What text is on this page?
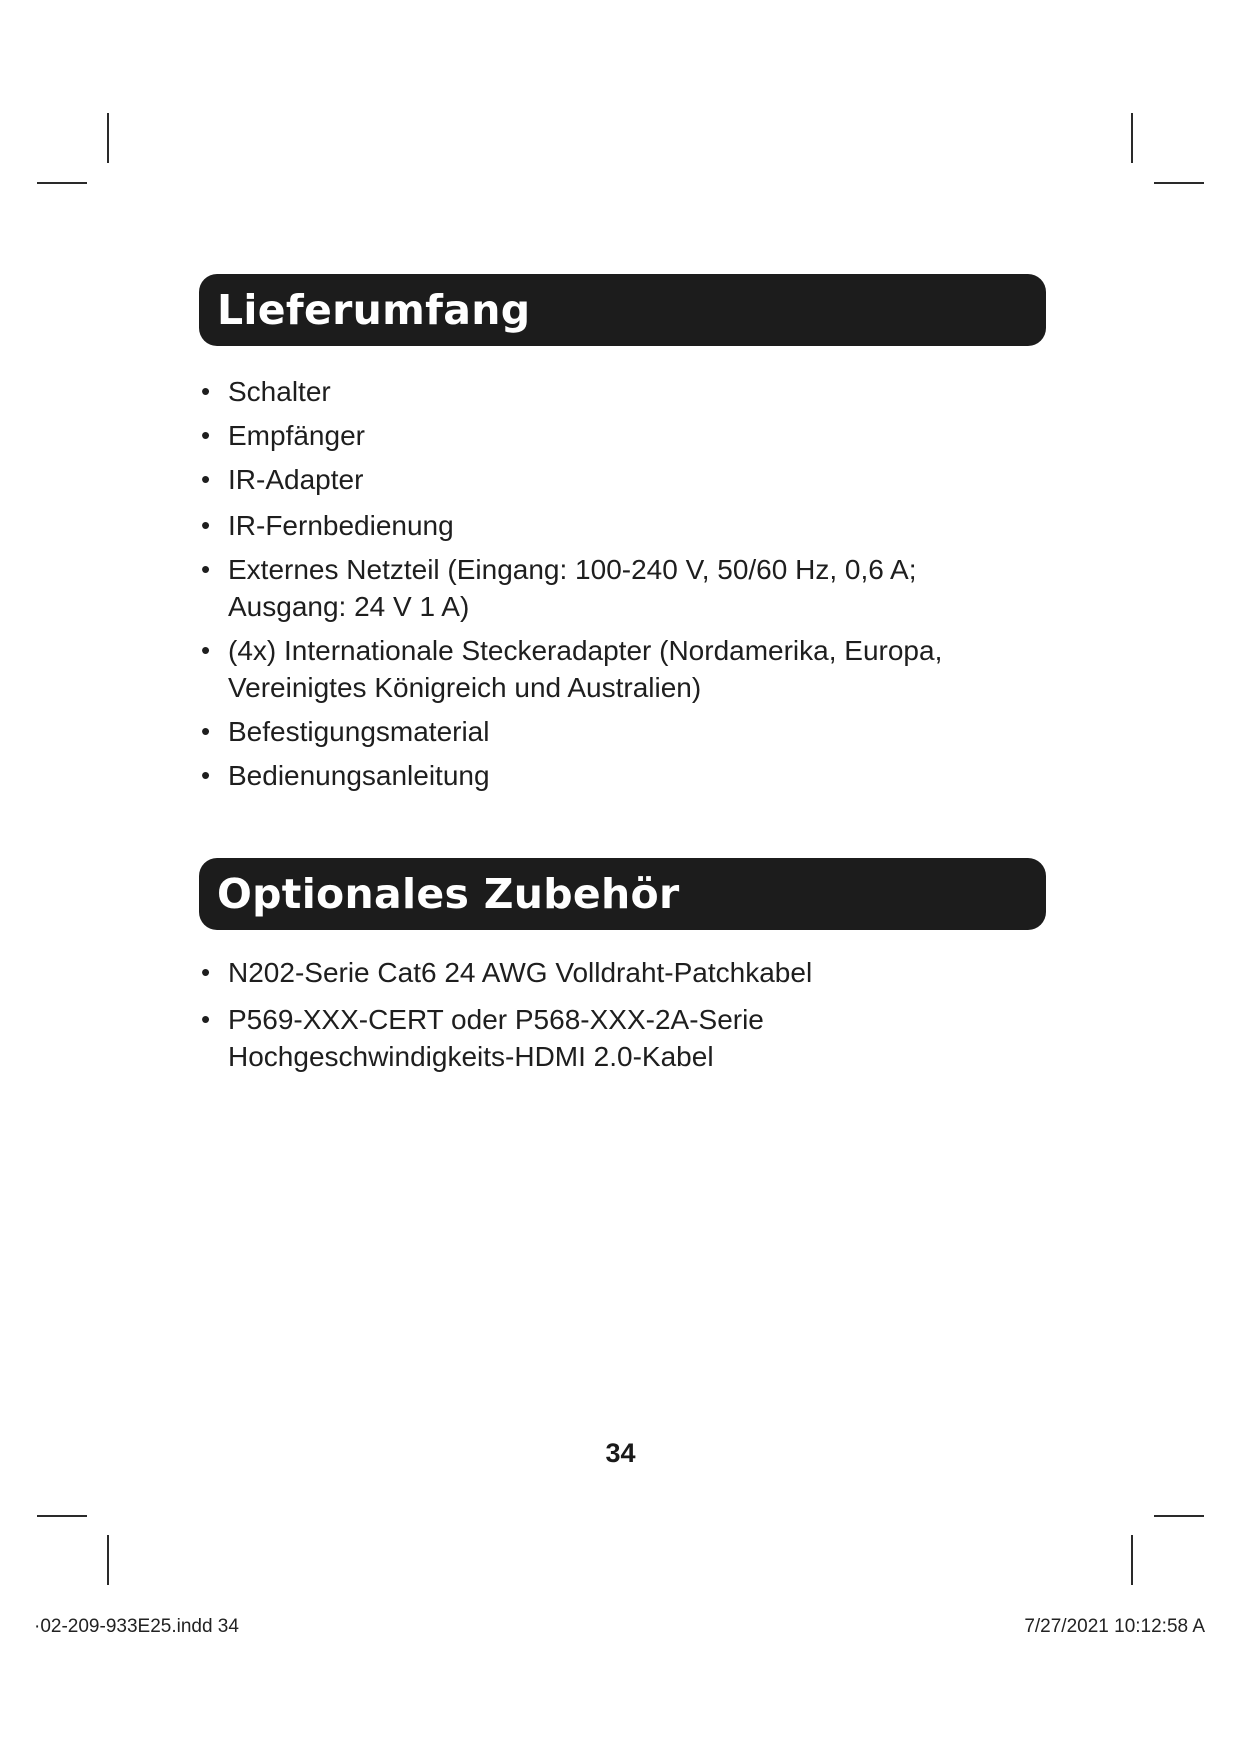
Lieferumfang
• Schalter
• Empfänger
• IR-Adapter
• IR-Fernbedienung
• Externes Netzteil (Eingang: 100-240 V, 50/60 Hz, 0,6 A;
Ausgang: 24 V 1 A)
• (4x) Internationale Steckeradapter (Nordamerika, Europa,
Vereinigtes Königreich und Australien)
• Befestigungsmaterial
• Bedienungsanleitung
Optionales Zubehör
• N202-Serie Cat6 24 AWG Volldraht-Patchkabel
• P569-XXX-CERT oder P568-XXX-2A-Serie
Hochgeschwindigkeits-HDMI 2.0-Kabel
34
·02-209-933E25.indd 34	7/27/2021 10:12:58 A
